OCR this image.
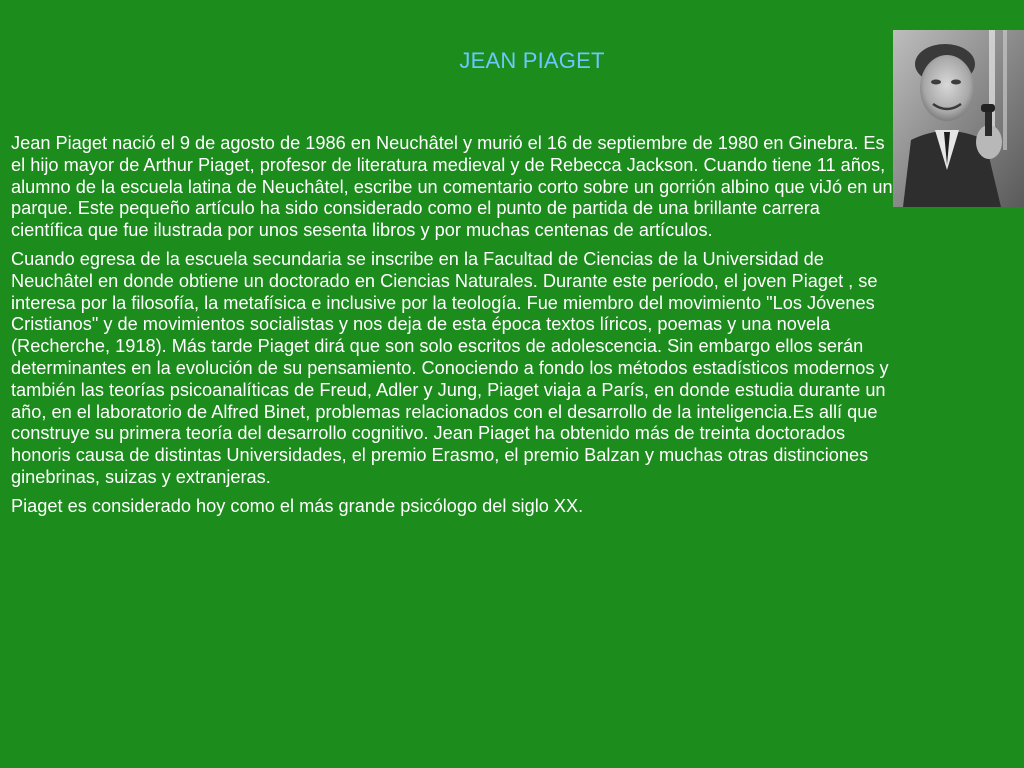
JEAN PIAGET

Jean Piaget nació el 9 de agosto de 1986 en Neuchâtel y murió el 16 de septiembre de 1980 en Ginebra. Es el hijo mayor de Arthur Piaget, profesor de literatura medieval y de Rebecca Jackson. Cuando tiene 11 años, alumno de la escuela latina de Neuchâtel, escribe un comentario corto sobre un gorrión albino que viJó en un parque. Este pequeño artículo ha sido considerado como el punto de partida de una brillante carrera científica que fue ilustrada por unos sesenta libros y por muchas centenas de artículos.

Cuando egresa de la escuela secundaria se inscribe en la Facultad de Ciencias de la Universidad de Neuchâtel en donde obtiene un doctorado en Ciencias Naturales. Durante este período, el joven Piaget , se interesa por la filosofía, la metafísica e inclusive por la teología. Fue miembro del movimiento "Los Jóvenes Cristianos" y de movimientos socialistas y nos deja de esta época textos líricos, poemas y una novela (Recherche, 1918). Más tarde Piaget dirá que son solo escritos de adolescencia. Sin embargo ellos serán determinantes en la evolución de su pensamiento. Conociendo a fondo los métodos estadísticos modernos y también las teorías psicoanalíticas de Freud, Adler y Jung, Piaget viaja a París, en donde estudia durante un año, en el laboratorio de Alfred Binet, problemas relacionados con el desarrollo de la inteligencia.Es allí que construye su primera teoría del desarrollo cognitivo. Jean Piaget ha obtenido más de treinta doctorados honoris causa de distintas Universidades, el premio Erasmo, el premio Balzan y muchas otras distinciones ginebrinas, suizas y extranjeras.

Piaget es considerado hoy como el más grande psicólogo del siglo XX.
